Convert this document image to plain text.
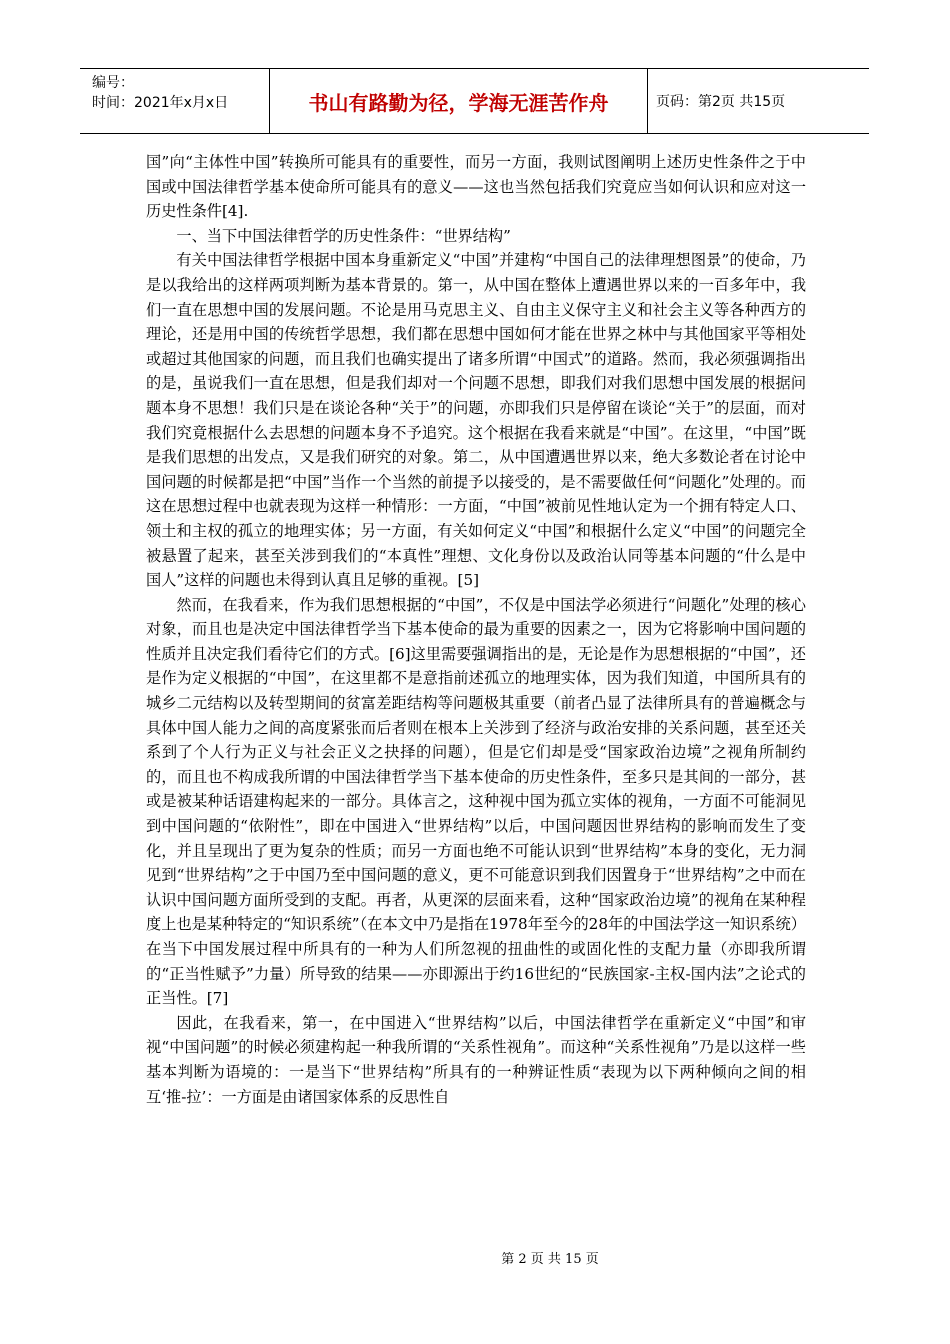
编号：
时间：2021年x月x日	书山有路勤为径，学海无涯苦作舟	页码：第2页 共15页

国”向“主体性中国”转换所可能具有的重要性，而另一方面，我则试图阐明上述历史性条件之于中国或中国法律哲学基本使命所可能具有的意义——这也当然包括我们究竟应当如何认识和应对这一历史性条件[4].

一、当下中国法律哲学的历史性条件：“世界结构”

有关中国法律哲学根据中国本身重新定义“中国”并建构“中国自己的法律理想图景”的使命，乃是以我给出的这样两项判断为基本背景的。第一，从中国在整体上遭遇世界以来的一百多年中，我们一直在思想中国的发展问题。不论是用马克思主义、自由主义保守主义和社会主义等各种西方的理论，还是用中国的传统哲学思想，我们都在思想中国如何才能在世界之林中与其他国家平等相处或超过其他国家的问题，而且我们也确实提出了诸多所谓“中国式”的道路。然而，我必须强调指出的是，虽说我们一直在思想，但是我们却对一个问题不思想，即我们对我们思想中国发展的根据问题本身不思想！我们只是在谈论各种“关于”的问题，亦即我们只是停留在谈论“关于”的层面，而对我们究竟根据什么去思想的问题本身不予追究。这个根据在我看来就是“中国”。在这里，“中国”既是我们思想的出发点，又是我们研究的对象。第二，从中国遭遇世界以来，绝大多数论者在讨论中国问题的时候都是把“中国”当作一个当然的前提予以接受的，是不需要做任何“问题化”处理的。而这在思想过程中也就表现为这样一种情形：一方面，“中国”被前见性地认定为一个拥有特定人口、领土和主权的孤立的地理实体；另一方面，有关如何定义“中国”和根据什么定义“中国”的问题完全被悬置了起来，甚至关涉到我们的“本真性”理想、文化身份以及政治认同等基本问题的“什么是中国人”这样的问题也未得到认真且足够的重视。[5]

然而，在我看来，作为我们思想根据的“中国”，不仅是中国法学必须进行“问题化”处理的核心对象，而且也是决定中国法律哲学当下基本使命的最为重要的因素之一，因为它将影响中国问题的性质并且决定我们看待它们的方式。[6]这里需要强调指出的是，无论是作为思想根据的“中国”，还是作为定义根据的“中国”，在这里都不是意指前述孤立的地理实体，因为我们知道，中国所具有的城乡二元结构以及转型期间的贫富差距结构等问题极其重要（前者凸显了法律所具有的普遍概念与具体中国人能力之间的高度紧张而后者则在根本上关涉到了经济与政治安排的关系问题，甚至还关系到了个人行为正义与社会正义之抉择的问题），但是它们却是受“国家政治边境”之视角所制约的，而且也不构成我所谓的中国法律哲学当下基本使命的历史性条件，至多只是其间的一部分，甚或是被某种话语建构起来的一部分。具体言之，这种视中国为孤立实体的视角，一方面不可能洞见到中国问题的“依附性”，即在中国进入“世界结构”以后，中国问题因世界结构的影响而发生了变化，并且呈现出了更为复杂的性质；而另一方面也绝不可能认识到“世界结构”本身的变化，无力洞见到“世界结构”之于中国乃至中国问题的意义，更不可能意识到我们因置身于“世界结构”之中而在认识中国问题方面所受到的支配。再者，从更深的层面来看，这种“国家政治边境”的视角在某种程度上也是某种特定的“知识系统”（在本文中乃是指在1978年至今的28年的中国法学这一知识系统）在当下中国发展过程中所具有的一种为人们所忽视的扭曲性的或固化性的支配力量（亦即我所谓的“正当性赋予”力量）所导致的结果——亦即源出于约16世纪的“民族国家-主权-国内法”之论式的正当性。[7]

因此，在我看来，第一，在中国进入“世界结构”以后，中国法律哲学在重新定义“中国”和审视“中国问题”的时候必须建构起一种我所谓的“关系性视角”。而这种“关系性视角”乃是以这样一些基本判断为语境的：一是当下“世界结构”所具有的一种辨证性质“表现为以下两种倾向之间的相互‘推-拉’：一方面是由诸国家体系的反思性自

第 2 页 共 15 页
